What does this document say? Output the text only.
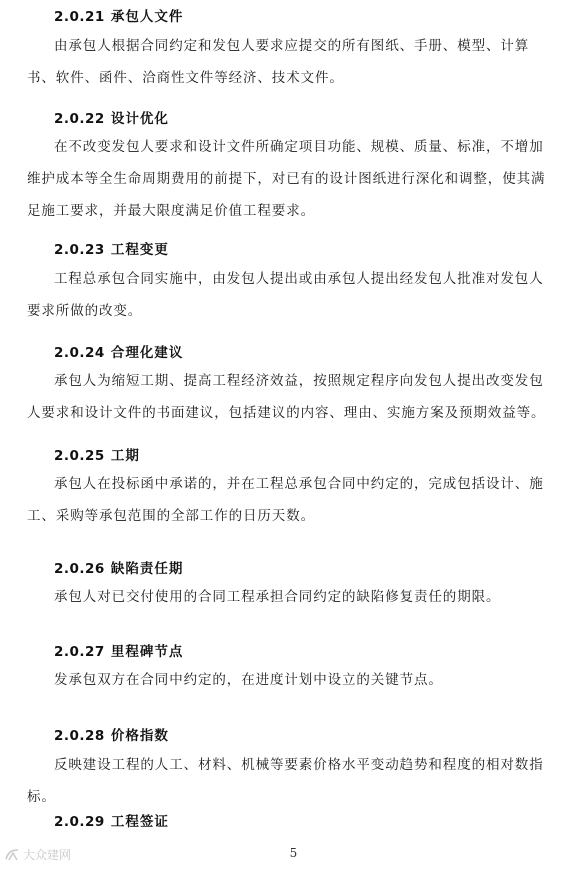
2.0.21 承包人文件

由承包人根据合同约定和发包人要求应提交的所有图纸、手册、模型、计算书、软件、函件、洽商性文件等经济、技术文件。

2.0.22 设计优化

在不改变发包人要求和设计文件所确定项目功能、规模、质量、标准，不增加维护成本等全生命周期费用的前提下，对已有的设计图纸进行深化和调整，使其满足施工要求，并最大限度满足价值工程要求。

2.0.23 工程变更

工程总承包合同实施中，由发包人提出或由承包人提出经发包人批准对发包人要求所做的改变。

2.0.24 合理化建议

承包人为缩短工期、提高工程经济效益，按照规定程序向发包人提出改变发包人要求和设计文件的书面建议，包括建议的内容、理由、实施方案及预期效益等。

2.0.25 工期

承包人在投标函中承诺的，并在工程总承包合同中约定的，完成包括设计、施工、采购等承包范围的全部工作的日历天数。

2.0.26 缺陷责任期

承包人对已交付使用的合同工程承担合同约定的缺陷修复责任的期限。

2.0.27 里程碑节点

发承包双方在合同中约定的，在进度计划中设立的关键节点。

2.0.28 价格指数

反映建设工程的人工、材料、机械等要素价格水平变动趋势和程度的相对数指标。

2.0.29 工程签证
大众建网	5
